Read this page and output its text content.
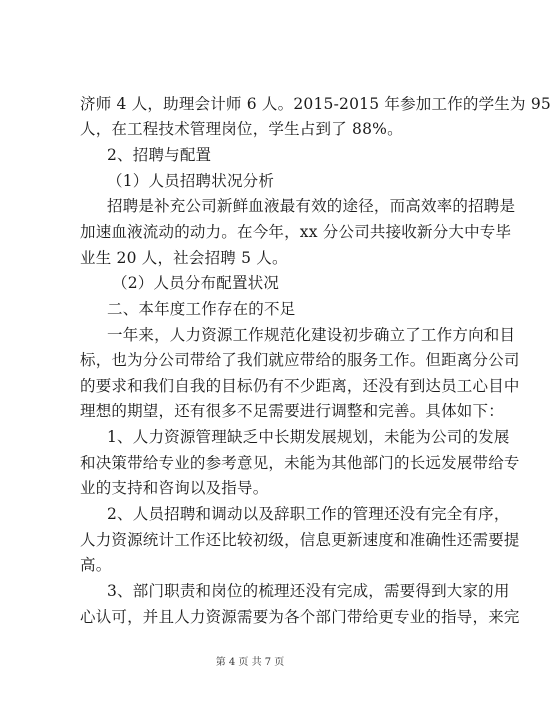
济师 4 人，助理会计师 6 人。2015-2015 年参加工作的学生为 95
人，在工程技术管理岗位，学生占到了 88%。
2、招聘与配置
（1）人员招聘状况分析
招聘是补充公司新鲜血液最有效的途径，而高效率的招聘是
加速血液流动的动力。在今年，xx 分公司共接收新分大中专毕
业生 20 人，社会招聘 5 人。
（2）人员分布配置状况
二、本年度工作存在的不足
一年来，人力资源工作规范化建设初步确立了工作方向和目
标，也为分公司带给了我们就应带给的服务工作。但距离分公司
的要求和我们自我的目标仍有不少距离，还没有到达员工心目中
理想的期望，还有很多不足需要进行调整和完善。具体如下：
1、人力资源管理缺乏中长期发展规划，未能为公司的发展
和决策带给专业的参考意见，未能为其他部门的长远发展带给专
业的支持和咨询以及指导。
2、人员招聘和调动以及辞职工作的管理还没有完全有序，
人力资源统计工作还比较初级，信息更新速度和准确性还需要提
高。
3、部门职责和岗位的梳理还没有完成，需要得到大家的用
心认可，并且人力资源需要为各个部门带给更专业的指导，来完
第 4 页 共 7 页
